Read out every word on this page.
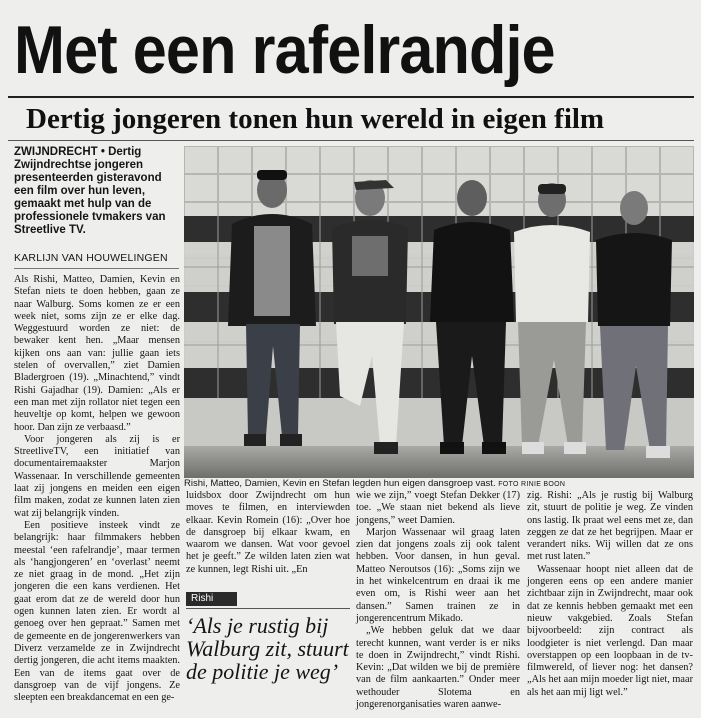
Met een rafelrandje
Dertig jongeren tonen hun wereld in eigen film
ZWIJNDRECHT • Dertig Zwijndrechtse jongeren presenteerden gisteravond een film over hun leven, gemaakt met hulp van de professionele tvmakers van Streetlive TV.
KARLIJN VAN HOUWELINGEN

Als Rishi, Matteo, Damien, Kevin en Stefan niets te doen hebben, gaan ze naar Walburg. Soms komen ze er een week niet, soms zijn ze er elke dag. Weggestuurd worden ze niet: de bewaker kent hen. „Maar mensen kijken ons aan van: jullie gaan iets stelen of overvallen,” ziet Damien Bladergroen (19). „Minachtend,” vindt Rishi Gajadhar (19). Damien: „Als er een man met zijn rollator niet tegen een heuveltje op komt, helpen we gewoon hoor. Dan zijn ze verbaasd.”

Voor jongeren als zij is er StreetliveTV, een initiatief van documentairemaakster Marjon Wassenaar. In verschillende gemeenten laat zij jongens en meiden een eigen film maken, zodat ze kunnen laten zien wat zij belangrijk vinden.

Een positieve insteek vindt ze belangrijk: haar filmmakers hebben meestal ‘een rafelrandje’, maar termen als ‘hangjongeren’ en ‘overlast’ neemt ze niet graag in de mond. „Het zijn jongeren die een kans verdienen. Het gaat erom dat ze de wereld door hun ogen kunnen laten zien. Er wordt al genoeg over hen gepraat.” Samen met de gemeente en de jongerenwerkers van Diverz verzamelde ze in Zwijndrecht dertig jongeren, die acht items maakten. Een van de items gaat over de dansgroep van de vijf jongens. Ze sleepten een breakdancemat en een ge-

Rishi, Matteo, Damien, Kevin en Stefan legden hun eigen dansgroep vast. FOTO RINIE BOON

luidsbox door Zwijndrecht om hun moves te filmen, en interviewden elkaar. Kevin Romein (16): „Over hoe de dansgroep bij elkaar kwam, en waarom we dansen. Wat voor gevoel het je geeft.” Ze wilden laten zien wat ze kunnen, legt Rishi uit. „En

Rishi
‘Als je rustig bij Walburg zit, stuurt de politie je weg’

wie we zijn,” voegt Stefan Dekker (17) toe. „We staan niet bekend als lieve jongens,” weet Damien.

Marjon Wassenaar wil graag laten zien dat jongens zoals zij ook talent hebben. Voor dansen, in hun geval. Matteo Neroutsos (16): „Soms zijn we in het winkelcentrum en draai ik me even om, is Rishi weer aan het dansen.” Samen trainen ze in jongerencentrum Mikado.

„We hebben geluk dat we daar terecht kunnen, want verder is er niks te doen in Zwijndrecht,” vindt Rishi. Kevin: „Dat wilden we bij de première van de film aankaarten.” Onder meer wethouder Slotema en jongerenorganisaties waren aanwe-

zig. Rishi: „Als je rustig bij Walburg zit, stuurt de politie je weg. Ze vinden ons lastig. Ik praat wel eens met ze, dan zeggen ze dat ze het begrijpen. Maar er verandert niks. Wij willen dat ze ons met rust laten.”

Wassenaar hoopt niet alleen dat de jongeren eens op een andere manier zichtbaar zijn in Zwijndrecht, maar ook dat ze kennis hebben gemaakt met een nieuw vakgebied. Zoals Stefan bijvoorbeeld: zijn contract als loodgieter is niet verlengd. Dan maar overstappen op een loopbaan in de tv- filmwereld, of liever nog: het dansen? „Als het aan mijn moeder ligt niet, maar als het aan mij ligt wel.”
